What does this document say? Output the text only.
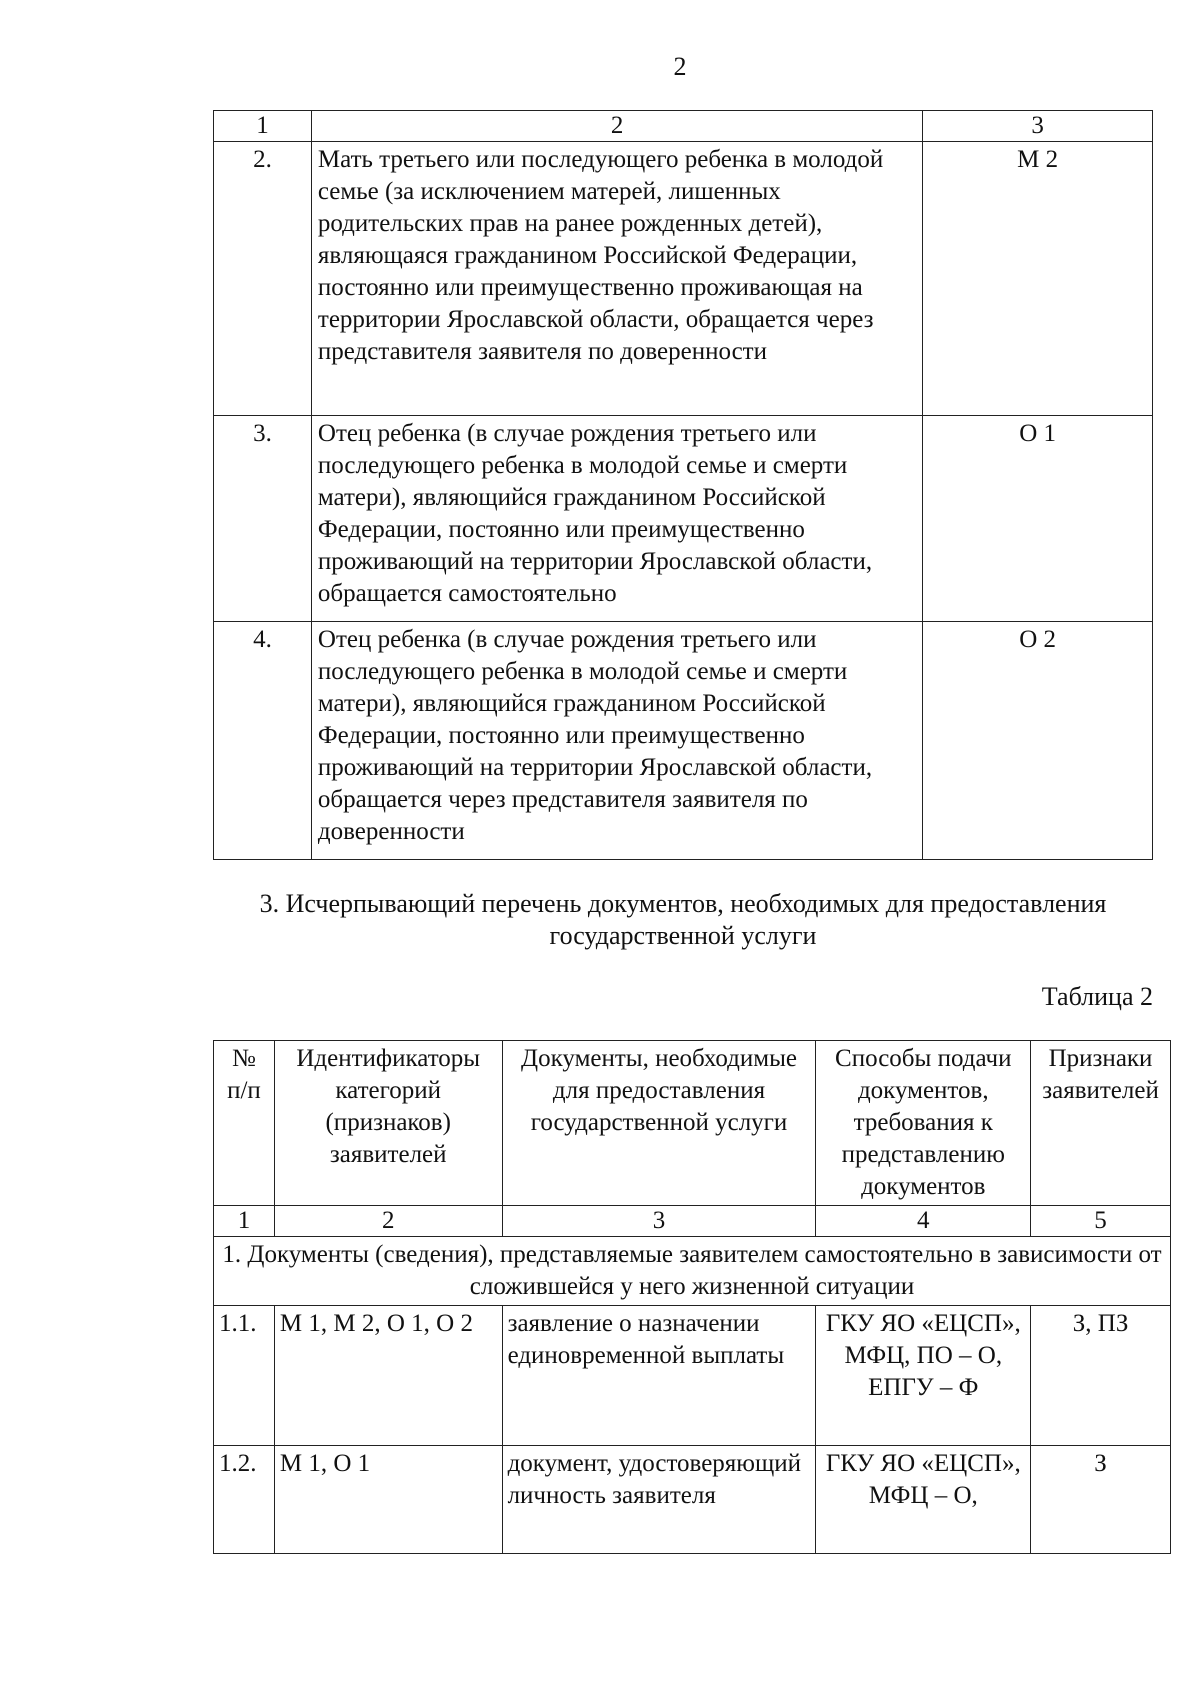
2
1	2	3
2.	Мать третьего или последующего ребенка в молодой семье (за исключением матерей, лишенных родительских прав на ранее рожденных детей), являющаяся гражданином Российской Федерации, постоянно или преимущественно проживающая на территории Ярославской области, обращается через представителя заявителя по доверенности	М 2
3.	Отец ребенка (в случае рождения третьего или последующего ребенка в молодой семье и смерти матери), являющийся гражданином Российской Федерации, постоянно или преимущественно проживающий на территории Ярославской области, обращается самостоятельно	О 1
4.	Отец ребенка (в случае рождения третьего или последующего ребенка в молодой семье и смерти матери), являющийся гражданином Российской Федерации, постоянно или преимущественно проживающий на территории Ярославской области, обращается через представителя заявителя по доверенности	О 2
3. Исчерпывающий перечень документов, необходимых для предоставления государственной услуги
Таблица 2
№ п/п	Идентификаторы категорий (признаков) заявителей	Документы, необходимые для предоставления государственной услуги	Способы подачи документов, требования к представлению документов	Признаки заявителей
1	2	3	4	5
1. Документы (сведения), представляемые заявителем самостоятельно в зависимости от сложившейся у него жизненной ситуации				
1.1.	М 1, М 2, О 1, О 2	заявление о назначении единовременной выплаты	ГКУ ЯО «ЕЦСП», МФЦ, ПО – О, ЕПГУ – Ф	З, ПЗ
1.2.	М 1, О 1	документ, удостоверяющий личность заявителя	ГКУ ЯО «ЕЦСП», МФЦ – О,	З
